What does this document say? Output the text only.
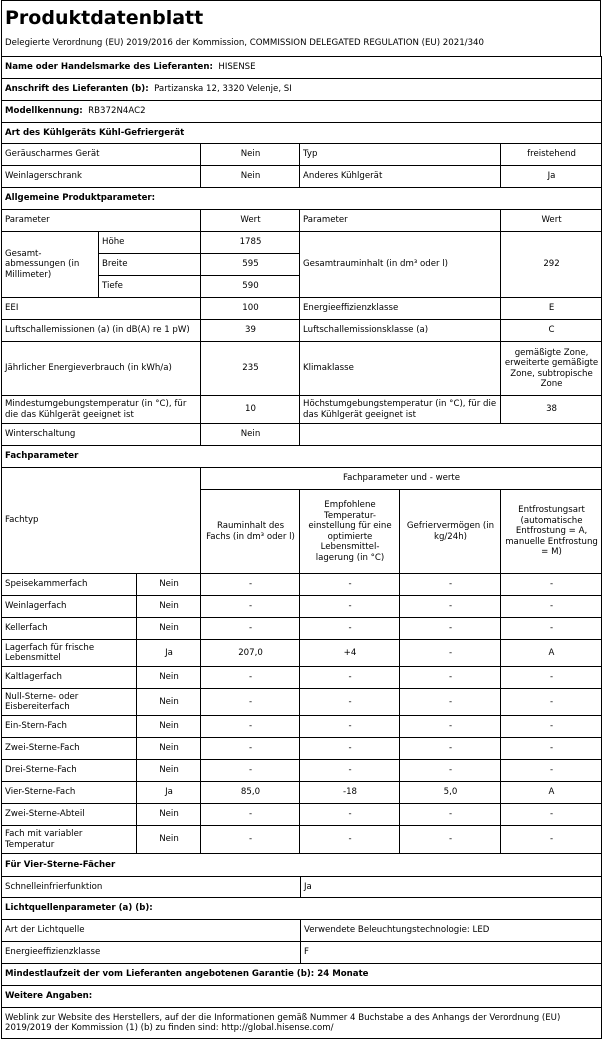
Produktdatenblatt
Delegierte Verordnung (EU) 2019/2016 der Kommission, COMMISSION DELEGATED REGULATION (EU) 2021/340
Name oder Handelsmarke des Lieferanten: HISENSE					
Anschrift des Lieferanten (b): Partizanska 12, 3320 Velenje, SI					
Modellkennung: RB372N4AC2					
Art des Kühlgeräts Kühl-Gefriergerät					
Geräuscharmes Gerät		Nein	Typ		freistehend
Weinlagerschrank		Nein	Anderes Kühlgerät		Ja
Allgemeine Produktparameter:					
Parameter		Wert	Parameter		Wert
Gesamt-abmessungen (in Millimeter)	Höhe	1785	Gesamtrauminhalt (in dm³ oder l)		292
	Breite	595			
	Tiefe	590			
EEI		100	Energieeffizienzklasse		E
Luftschallemissionen (a) (in dB(A) re 1 pW)		39	Luftschallemissionsklasse (a)		C
Jährlicher Energieverbrauch (in kWh/a)		235	Klimaklasse		gemäßigte Zone, erweiterte gemäßigte Zone, subtropische Zone
Mindestumgebungstemperatur (in °C), für die das Kühlgerät geeignet ist		10	Höchstumgebungstemperatur (in °C), für die das Kühlgerät geeignet ist		38
Winterschaltung		Nein			
Fachparameter					
Fachtyp		Fachparameter und - werte			
		Rauminhalt des Fachs (in dm³ oder l)	Empfohlene Temperatur-einstellung für eine optimierte Lebensmittel-lagerung (in °C)	Gefriervermögen (in kg/24h)	Entfrostungsart (automatische Entfrostung = A, manuelle Entfrostung = M)
Speisekammerfach	Nein	-	-	-	-
Weinlagerfach	Nein	-	-	-	-
Kellerfach	Nein	-	-	-	-
Lagerfach für frische Lebensmittel	Ja	207,0	+4	-	A
Kaltlagerfach	Nein	-	-	-	-
Null-Sterne- oder Eisbereiterfach	Nein	-	-	-	-
Ein-Stern-Fach	Nein	-	-	-	-
Zwei-Sterne-Fach	Nein	-	-	-	-
Drei-Sterne-Fach	Nein	-	-	-	-
Vier-Sterne-Fach	Ja	85,0	-18	5,0	A
Zwei-Sterne-Abteil	Nein	-	-	-	-
Fach mit variabler Temperatur	Nein	-	-	-	-
Für Vier-Sterne-Fächer	
Schnelleinfrierfunktion	Ja
Lichtquellenparameter (a) (b):	
Art der Lichtquelle	Verwendete Beleuchtungstechnologie: LED
Energieeffizienzklasse	F
Mindestlaufzeit der vom Lieferanten angebotenen Garantie (b): 24 Monate	
Weitere Angaben:	
Weblink zur Website des Herstellers, auf der die Informationen gemäß Nummer 4 Buchstabe a des Anhangs der Verordnung (EU) 2019/2019 der Kommission (1) (b) zu finden sind: http://global.hisense.com/	
